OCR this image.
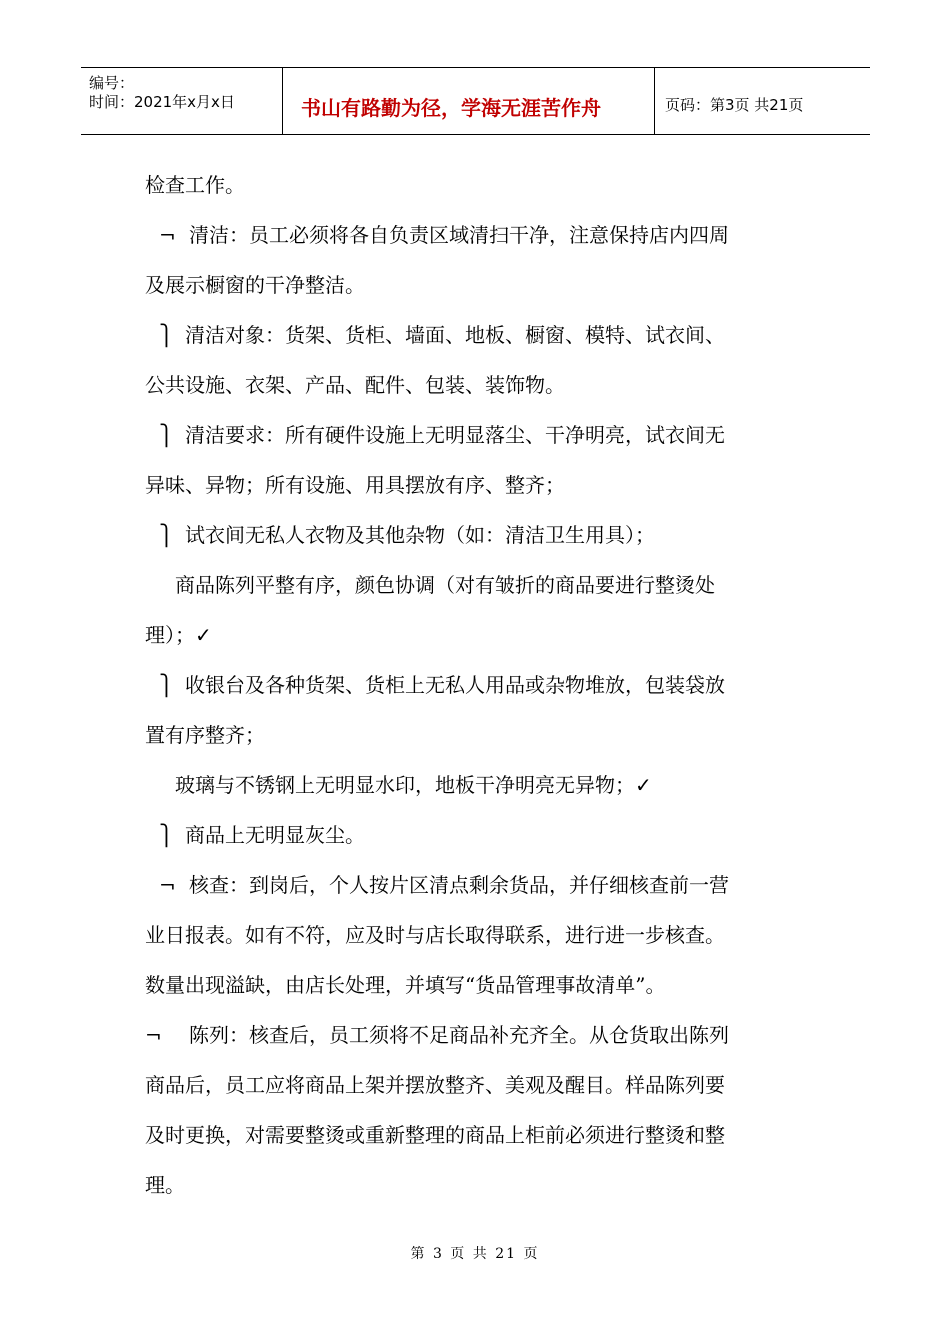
编号：
时间：2021年x月x日	书山有路勤为径，学海无涯苦作舟	页码：第3页 共21页

检查工作。

¬ 清洁：员工必须将各自负责区域清扫干净，注意保持店内四周

及展示橱窗的干净整洁。

⎫ 清洁对象：货架、货柜、墙面、地板、橱窗、模特、试衣间、

公共设施、衣架、产品、配件、包装、装饰物。

⎫ 清洁要求：所有硬件设施上无明显落尘、干净明亮，试衣间无

异味、异物；所有设施、用具摆放有序、整齐；

⎫ 试衣间无私人衣物及其他杂物（如：清洁卫生用具）；

商品陈列平整有序，颜色协调（对有皱折的商品要进行整烫处

理）；✓

⎫ 收银台及各种货架、货柜上无私人用品或杂物堆放，包装袋放

置有序整齐；

玻璃与不锈钢上无明显水印，地板干净明亮无异物；✓

⎫ 商品上无明显灰尘。

¬ 核查：到岗后，个人按片区清点剩余货品，并仔细核查前一营

业日报表。如有不符，应及时与店长取得联系，进行进一步核查。

数量出现溢缺，由店长处理，并填写“货品管理事故清单”。

¬ 陈列：核查后，员工须将不足商品补充齐全。从仓货取出陈列

商品后，员工应将商品上架并摆放整齐、美观及醒目。样品陈列要

及时更换，对需要整烫或重新整理的商品上柜前必须进行整烫和整

理。

第 3 页 共 21 页
